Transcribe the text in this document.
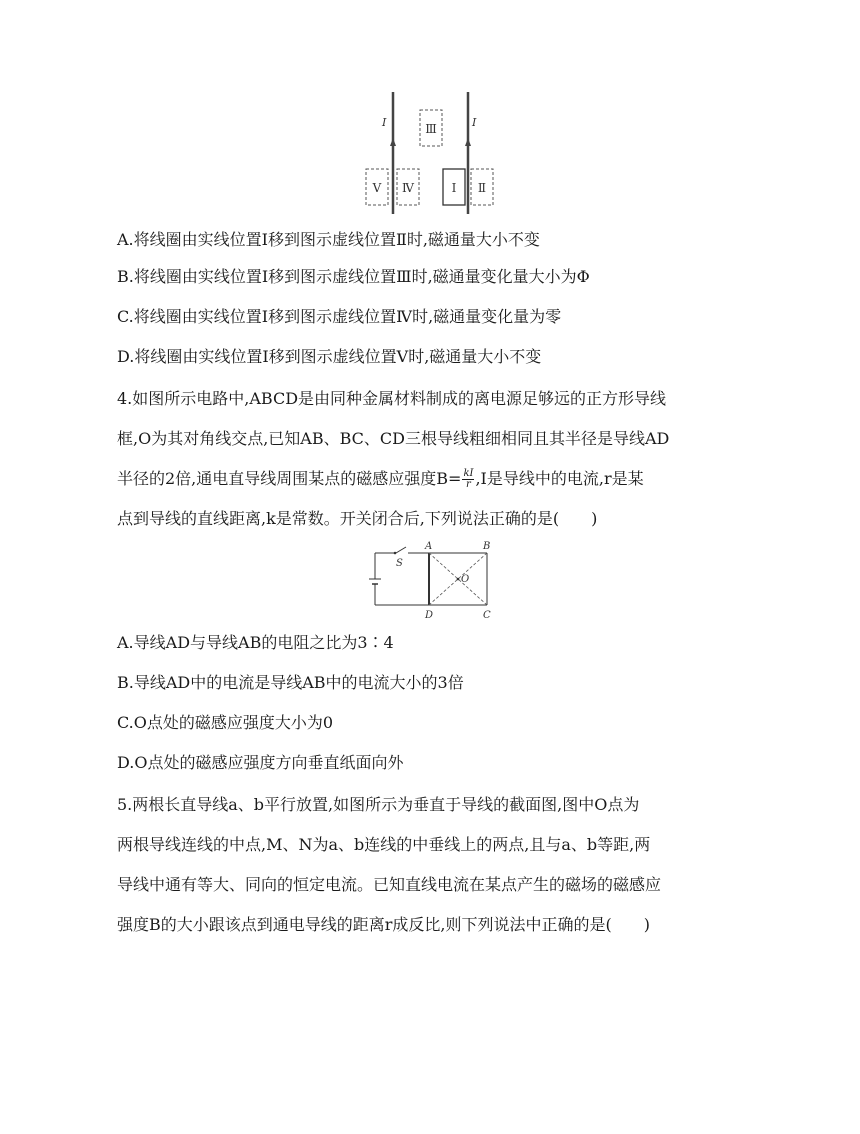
I	I
Ⅲ
Ⅴ Ⅳ	Ⅰ Ⅱ
A.将线圈由实线位置Ⅰ移到图示虚线位置Ⅱ时,磁通量大小不变
B.将线圈由实线位置Ⅰ移到图示虚线位置Ⅲ时,磁通量变化量大小为Φ
C.将线圈由实线位置Ⅰ移到图示虚线位置Ⅳ时,磁通量变化量为零
D.将线圈由实线位置Ⅰ移到图示虚线位置Ⅴ时,磁通量大小不变
4.如图所示电路中,ABCD是由同种金属材料制成的离电源足够远的正方形导线
框,O为其对角线交点,已知AB、BC、CD三根导线粗细相同且其半径是导线AD
半径的2倍,通电直导线周围某点的磁感应强度$B= \frac{kI}{r} ,I$是导线中的电流,r是某
点到导线的直线距离,k是常数。开关闭合后,下列说法正确的是(　　)
S
A	B
C
D
O
A.导线AD与导线AB的电阻之比为3∶4
B.导线AD中的电流是导线AB中的电流大小的3倍
C.O点处的磁感应强度大小为0
D.O点处的磁感应强度方向垂直纸面向外
5.两根长直导线a、b平行放置,如图所示为垂直于导线的截面图,图中O点为
两根导线连线的中点,M、N为a、b连线的中垂线上的两点,且与a、b等距,两
导线中通有等大、同向的恒定电流。已知直线电流在某点产生的磁场的磁感应
强度B的大小跟该点到通电导线的距离r成反比,则下列说法中正确的是(　　)
